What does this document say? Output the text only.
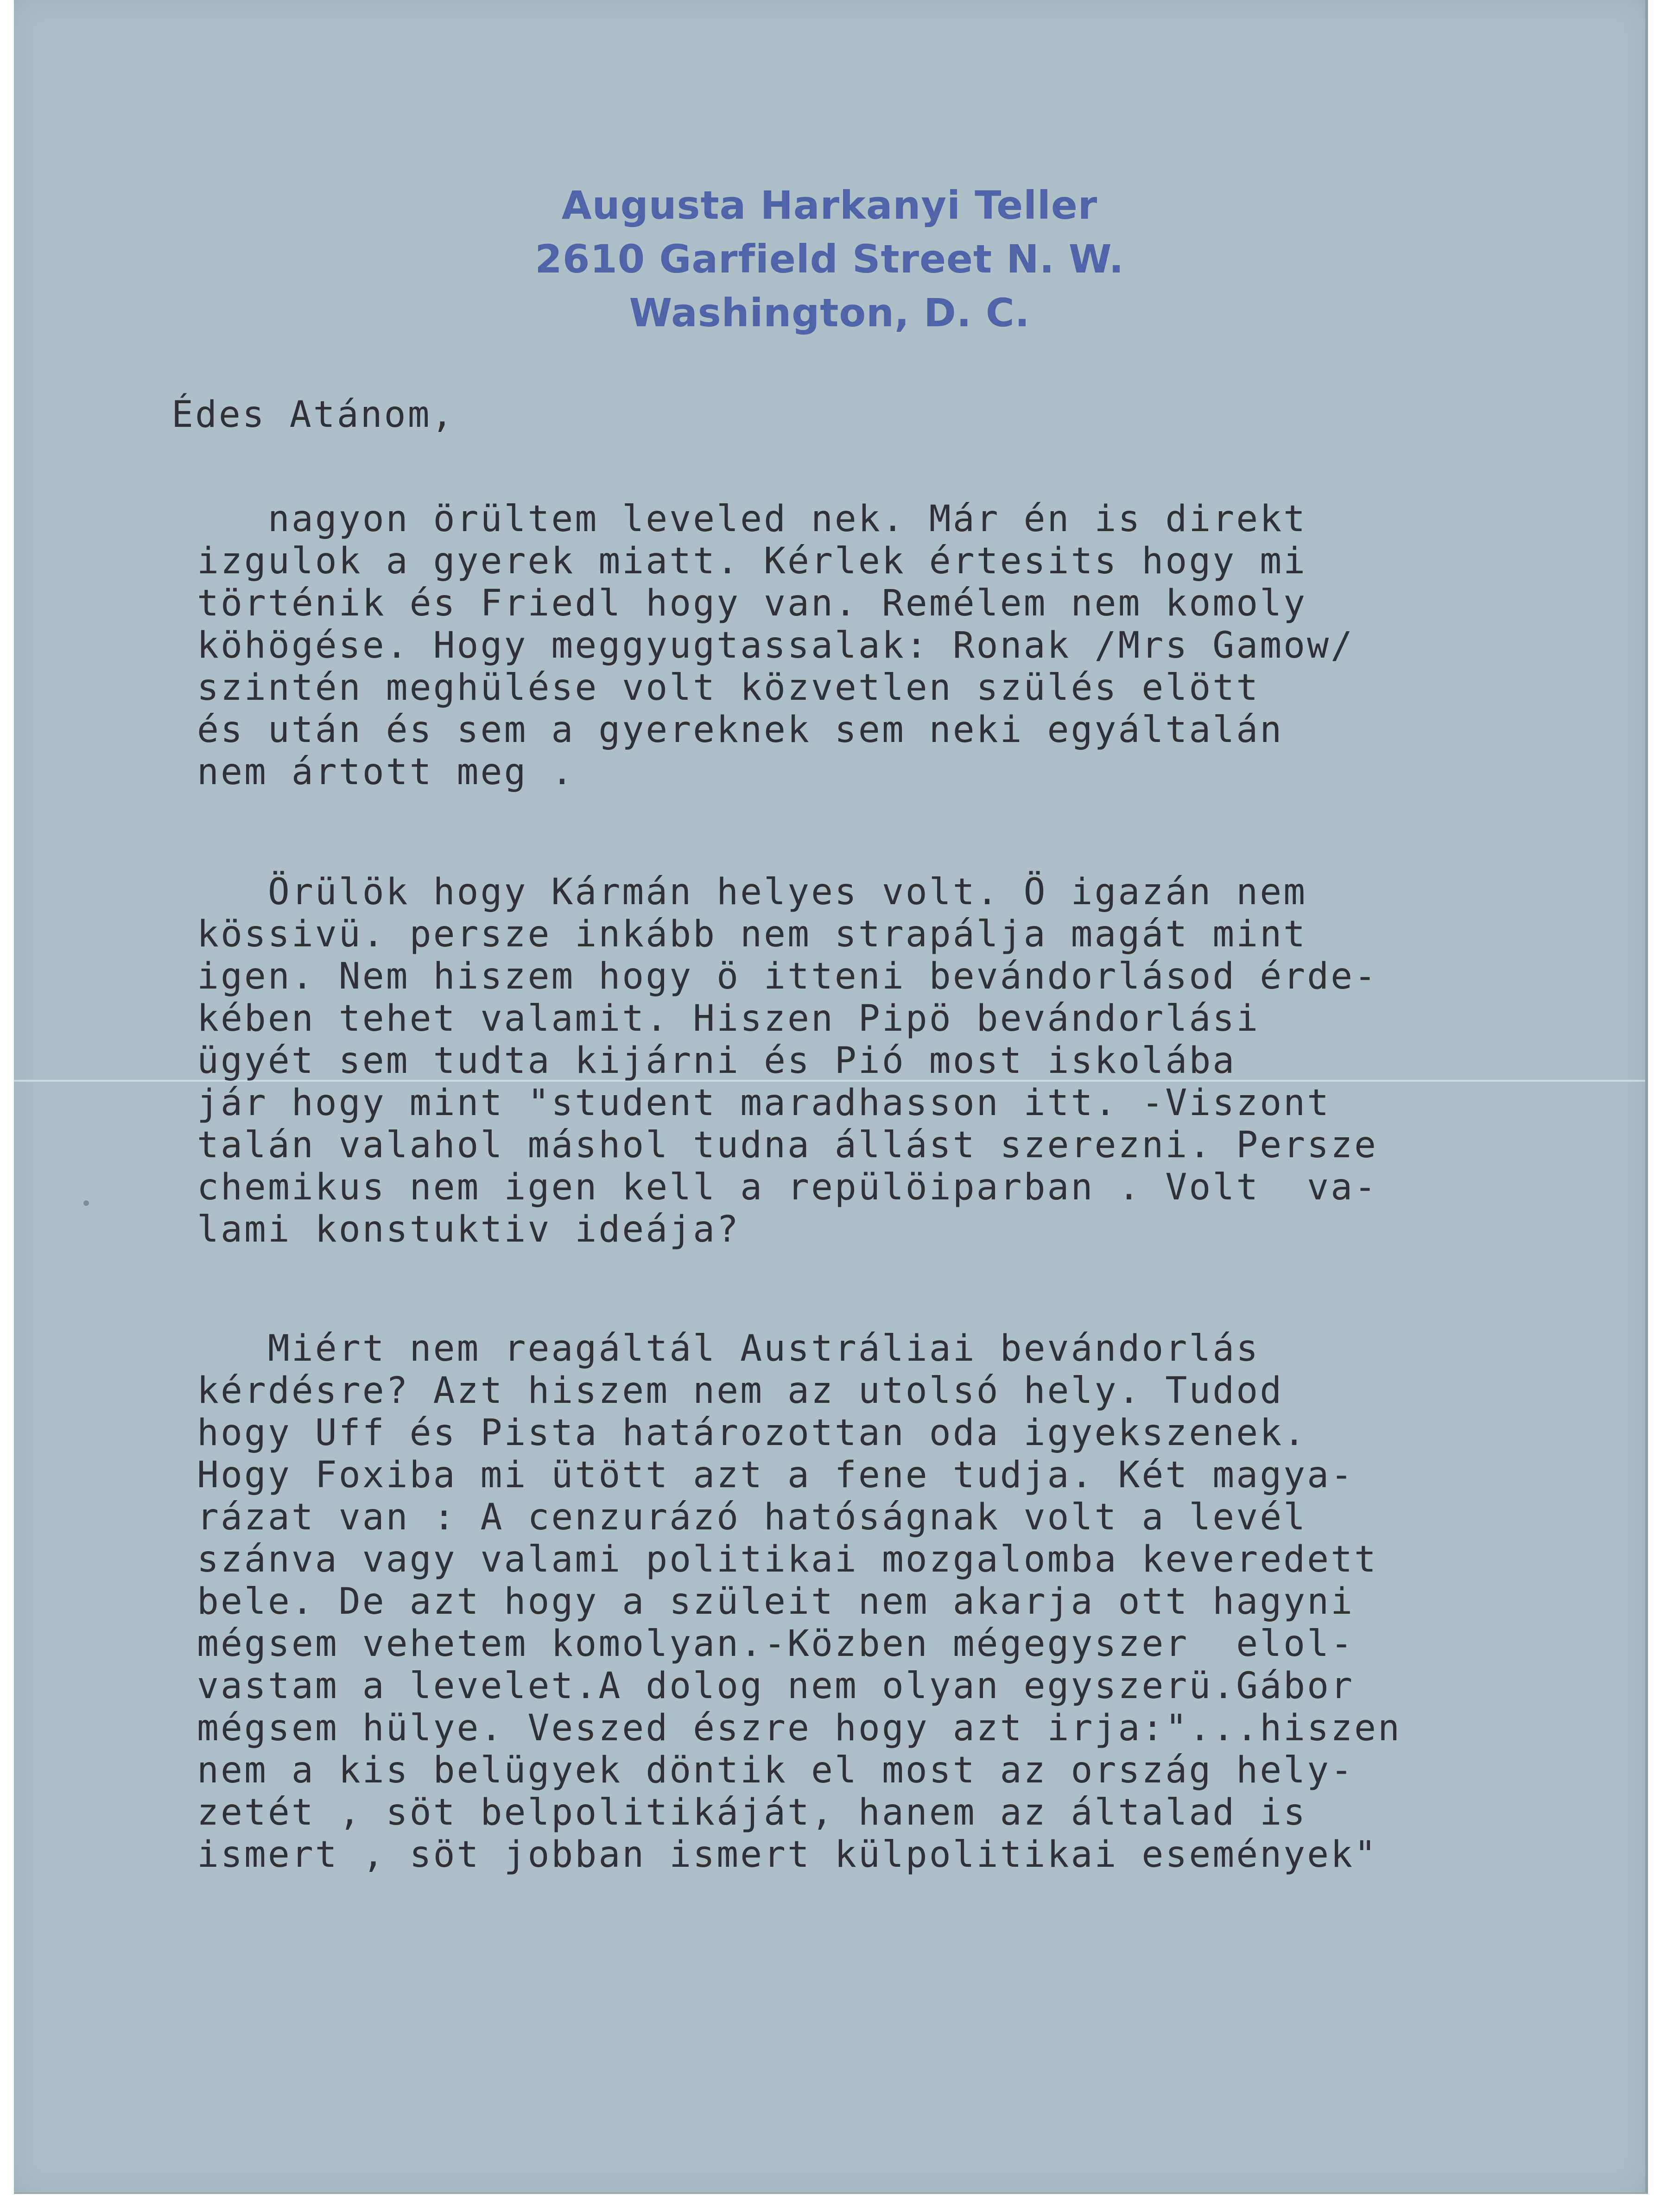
Augusta Harkanyi Teller
2610 Garfield Street N. W.
Washington, D. C.
Édes Atánom,
nagyon örültem leveled nek. Már én is direkt
izgulok a gyerek miatt. Kérlek értesits hogy mi
történik és Friedl hogy van. Remélem nem komoly
köhögése. Hogy meggyugtassalak: Ronak /Mrs Gamow/
szintén meghülése volt közvetlen szülés elött
és után és sem a gyereknek sem neki egyáltalán
nem ártott meg .
Örülök hogy Kármán helyes volt. Ö igazán nem
kössivü. persze inkább nem strapálja magát mint
igen. Nem hiszem hogy ö itteni bevándorlásod érde-
kében tehet valamit. Hiszen Pipö bevándorlási
ügyét sem tudta kijárni és Pió most iskolába
jár hogy mint "student maradhasson itt. -Viszont
talán valahol máshol tudna állást szerezni. Persze
chemikus nem igen kell a repülöiparban . Volt  va-
lami konstuktiv ideája?
Miért nem reagáltál Austráliai bevándorlás
kérdésre? Azt hiszem nem az utolsó hely. Tudod
hogy Uff és Pista határozottan oda igyekszenek.
Hogy Foxiba mi ütött azt a fene tudja. Két magya-
rázat van : A cenzurázó hatóságnak volt a levél
szánva vagy valami politikai mozgalomba keveredett
bele. De azt hogy a szüleit nem akarja ott hagyni
mégsem vehetem komolyan.-Közben mégegyszer  elol-
vastam a levelet.A dolog nem olyan egyszerü.Gábor
mégsem hülye. Veszed észre hogy azt irja:"...hiszen
nem a kis belügyek döntik el most az ország hely-
zetét , söt belpolitikáját, hanem az általad is
ismert , söt jobban ismert külpolitikai események"
